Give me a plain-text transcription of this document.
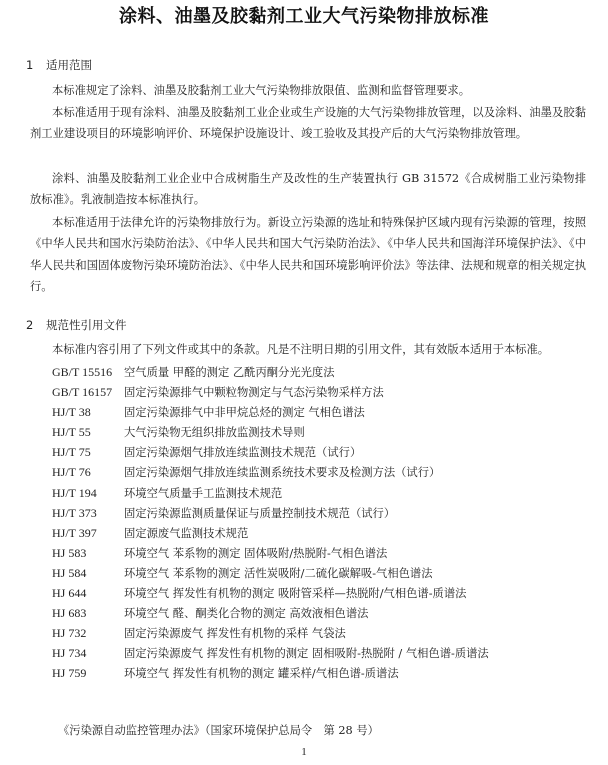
涂料、油墨及胶黏剂工业大气污染物排放标准
1 适用范围
本标准规定了涂料、油墨及胶黏剂工业大气污染物排放限值、监测和监督管理要求。
本标准适用于现有涂料、油墨及胶黏剂工业企业或生产设施的大气污染物排放管理，以及涂料、油墨及胶黏剂工业建设项目的环境影响评价、环境保护设施设计、竣工验收及其投产后的大气污染物排放管理。
涂料、油墨及胶黏剂工业企业中合成树脂生产及改性的生产装置执行 GB 31572《合成树脂工业污染物排放标准》。乳液制造按本标准执行。
本标准适用于法律允许的污染物排放行为。新设立污染源的选址和特殊保护区域内现有污染源的管理，按照《中华人民共和国水污染防治法》、《中华人民共和国大气污染防治法》、《中华人民共和国海洋环境保护法》、《中华人民共和国固体废物污染环境防治法》、《中华人民共和国环境影响评价法》等法律、法规和规章的相关规定执行。
2 规范性引用文件
本标准内容引用了下列文件或其中的条款。凡是不注明日期的引用文件，其有效版本适用于本标准。
GB/T 15516 空气质量 甲醛的测定 乙酰丙酮分光光度法
GB/T 16157 固定污染源排气中颗粒物测定与气态污染物采样方法
HJ/T 38	固定污染源排气中非甲烷总烃的测定 气相色谱法
HJ/T 55	大气污染物无组织排放监测技术导则
HJ/T 75	固定污染源烟气排放连续监测技术规范（试行）
HJ/T 76	固定污染源烟气排放连续监测系统技术要求及检测方法（试行）
HJ/T 194 环境空气质量手工监测技术规范
HJ/T 373 固定污染源监测质量保证与质量控制技术规范（试行）
HJ/T 397 固定源废气监测技术规范
HJ 583	环境空气 苯系物的测定 固体吸附/热脱附-气相色谱法
HJ 584	环境空气 苯系物的测定 活性炭吸附/二硫化碳解吸-气相色谱法
HJ 644	环境空气 挥发性有机物的测定 吸附管采样—热脱附/气相色谱-质谱法
HJ 683	环境空气 醛、酮类化合物的测定 高效液相色谱法
HJ 732	固定污染源废气 挥发性有机物的采样 气袋法
HJ 734	固定污染源废气 挥发性有机物的测定 固相吸附-热脱附 / 气相色谱-质谱法
HJ 759	环境空气 挥发性有机物的测定 罐采样/气相色谱-质谱法
《污染源自动监控管理办法》（国家环境保护总局令　第 28 号）
1
